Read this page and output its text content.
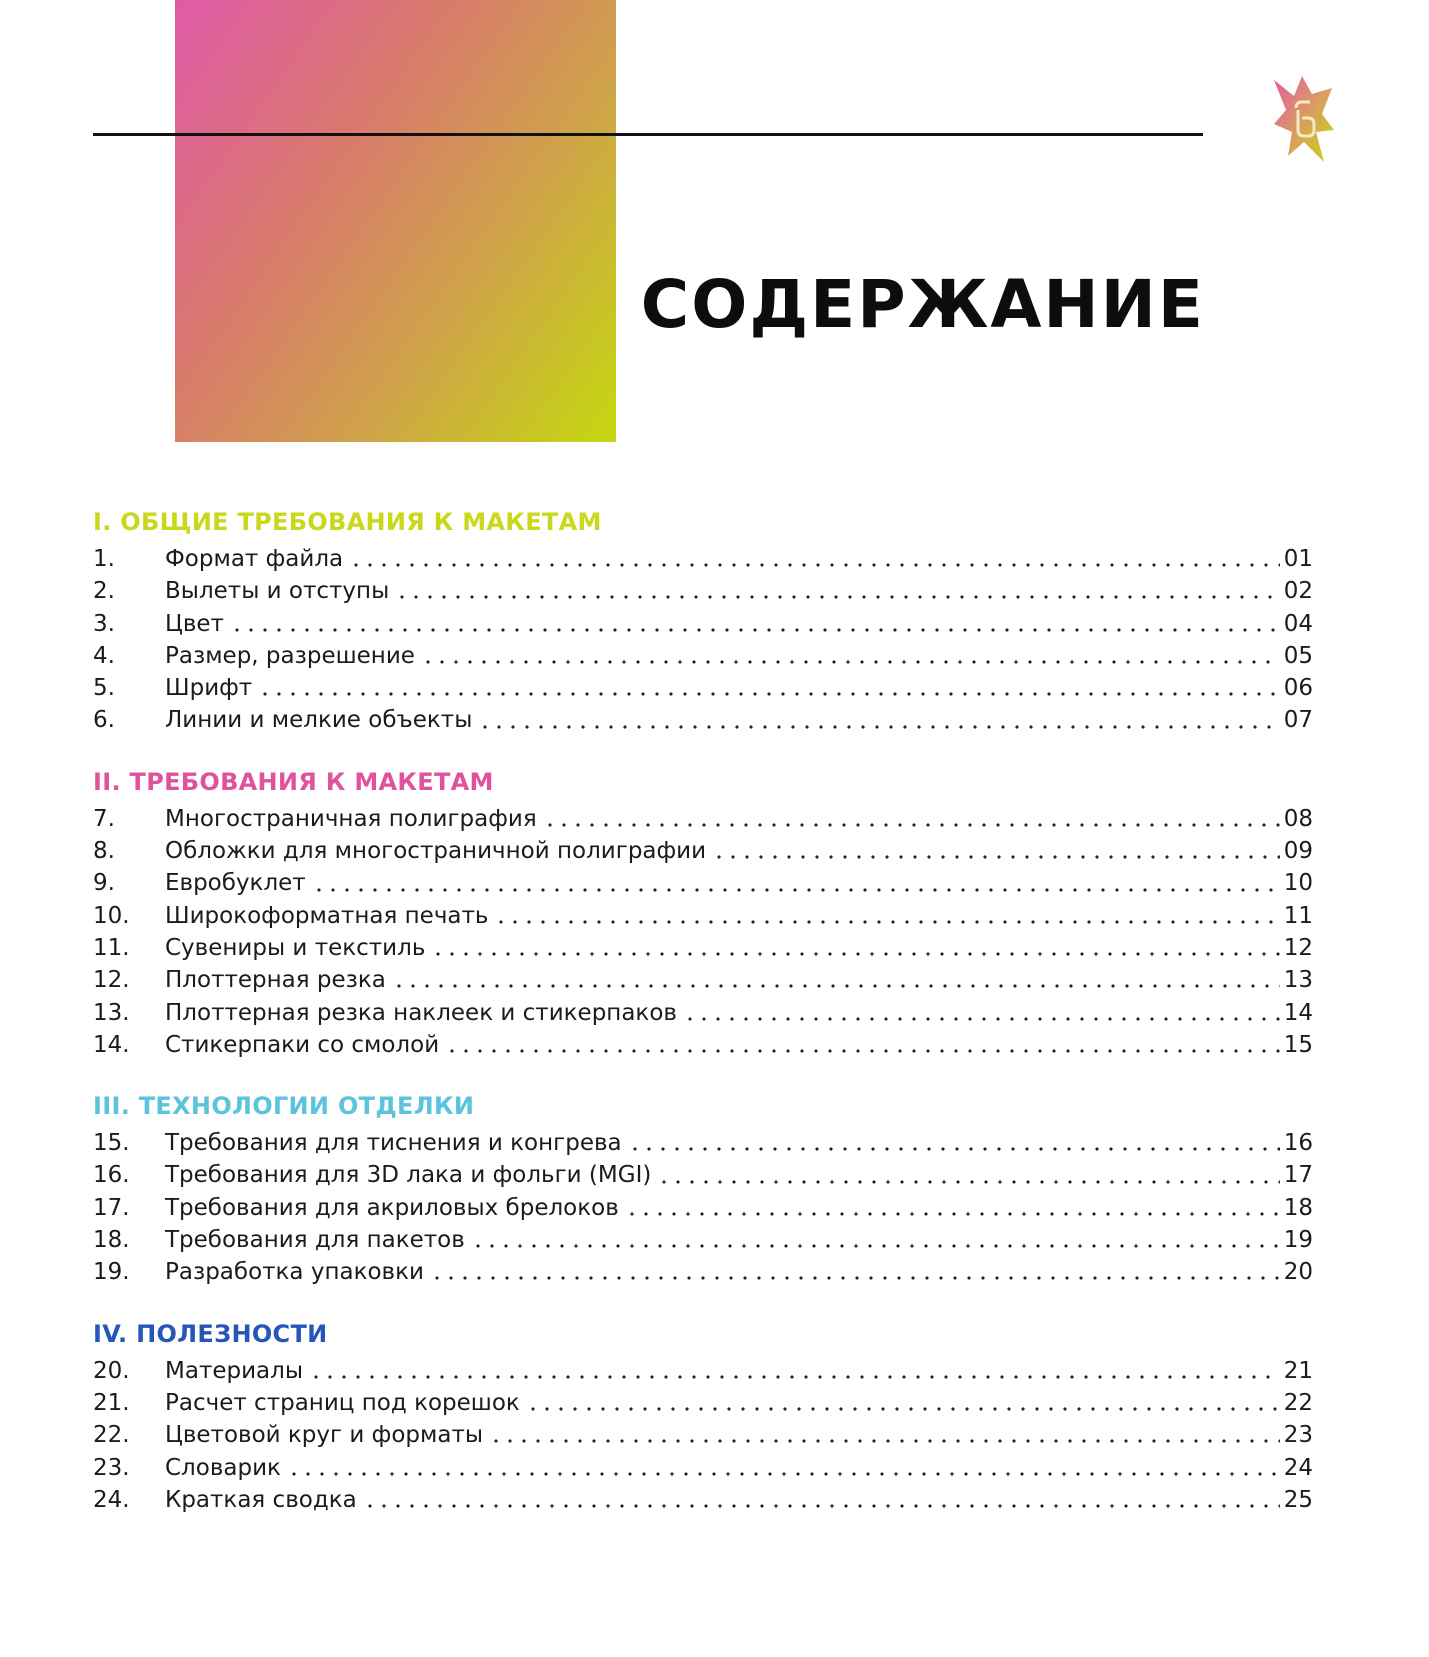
СОДЕРЖАНИЕ
I. ОБЩИЕ ТРЕБОВАНИЯ К МАКЕТАМ
1.	Формат файла	01
2.	Вылеты и отступы	02
3.	Цвет	04
4.	Размер, разрешение	05
5.	Шрифт	06
6.	Линии и мелкие объекты	07
II. ТРЕБОВАНИЯ К МАКЕТАМ
7.	Многостраничная полиграфия	08
8.	Обложки для многостраничной полиграфии	09
9.	Евробуклет	10
10.	Широкоформатная печать	11
11.	Сувениры и текстиль	12
12.	Плоттерная резка	13
13.	Плоттерная резка наклеек и стикерпаков	14
14.	Стикерпаки со смолой	15
III. ТЕХНОЛОГИИ ОТДЕЛКИ
15.	Требования для тиснения и конгрева	16
16.	Требования для 3D лака и фольги (MGI)	17
17.	Требования для акриловых брелоков	18
18.	Требования для пакетов	19
19.	Разработка упаковки	20
IV. ПОЛЕЗНОСТИ
20.	Материалы	21
21.	Расчет страниц под корешок	22
22.	Цветовой круг и форматы	23
23.	Словарик	24
24.	Краткая сводка	25
